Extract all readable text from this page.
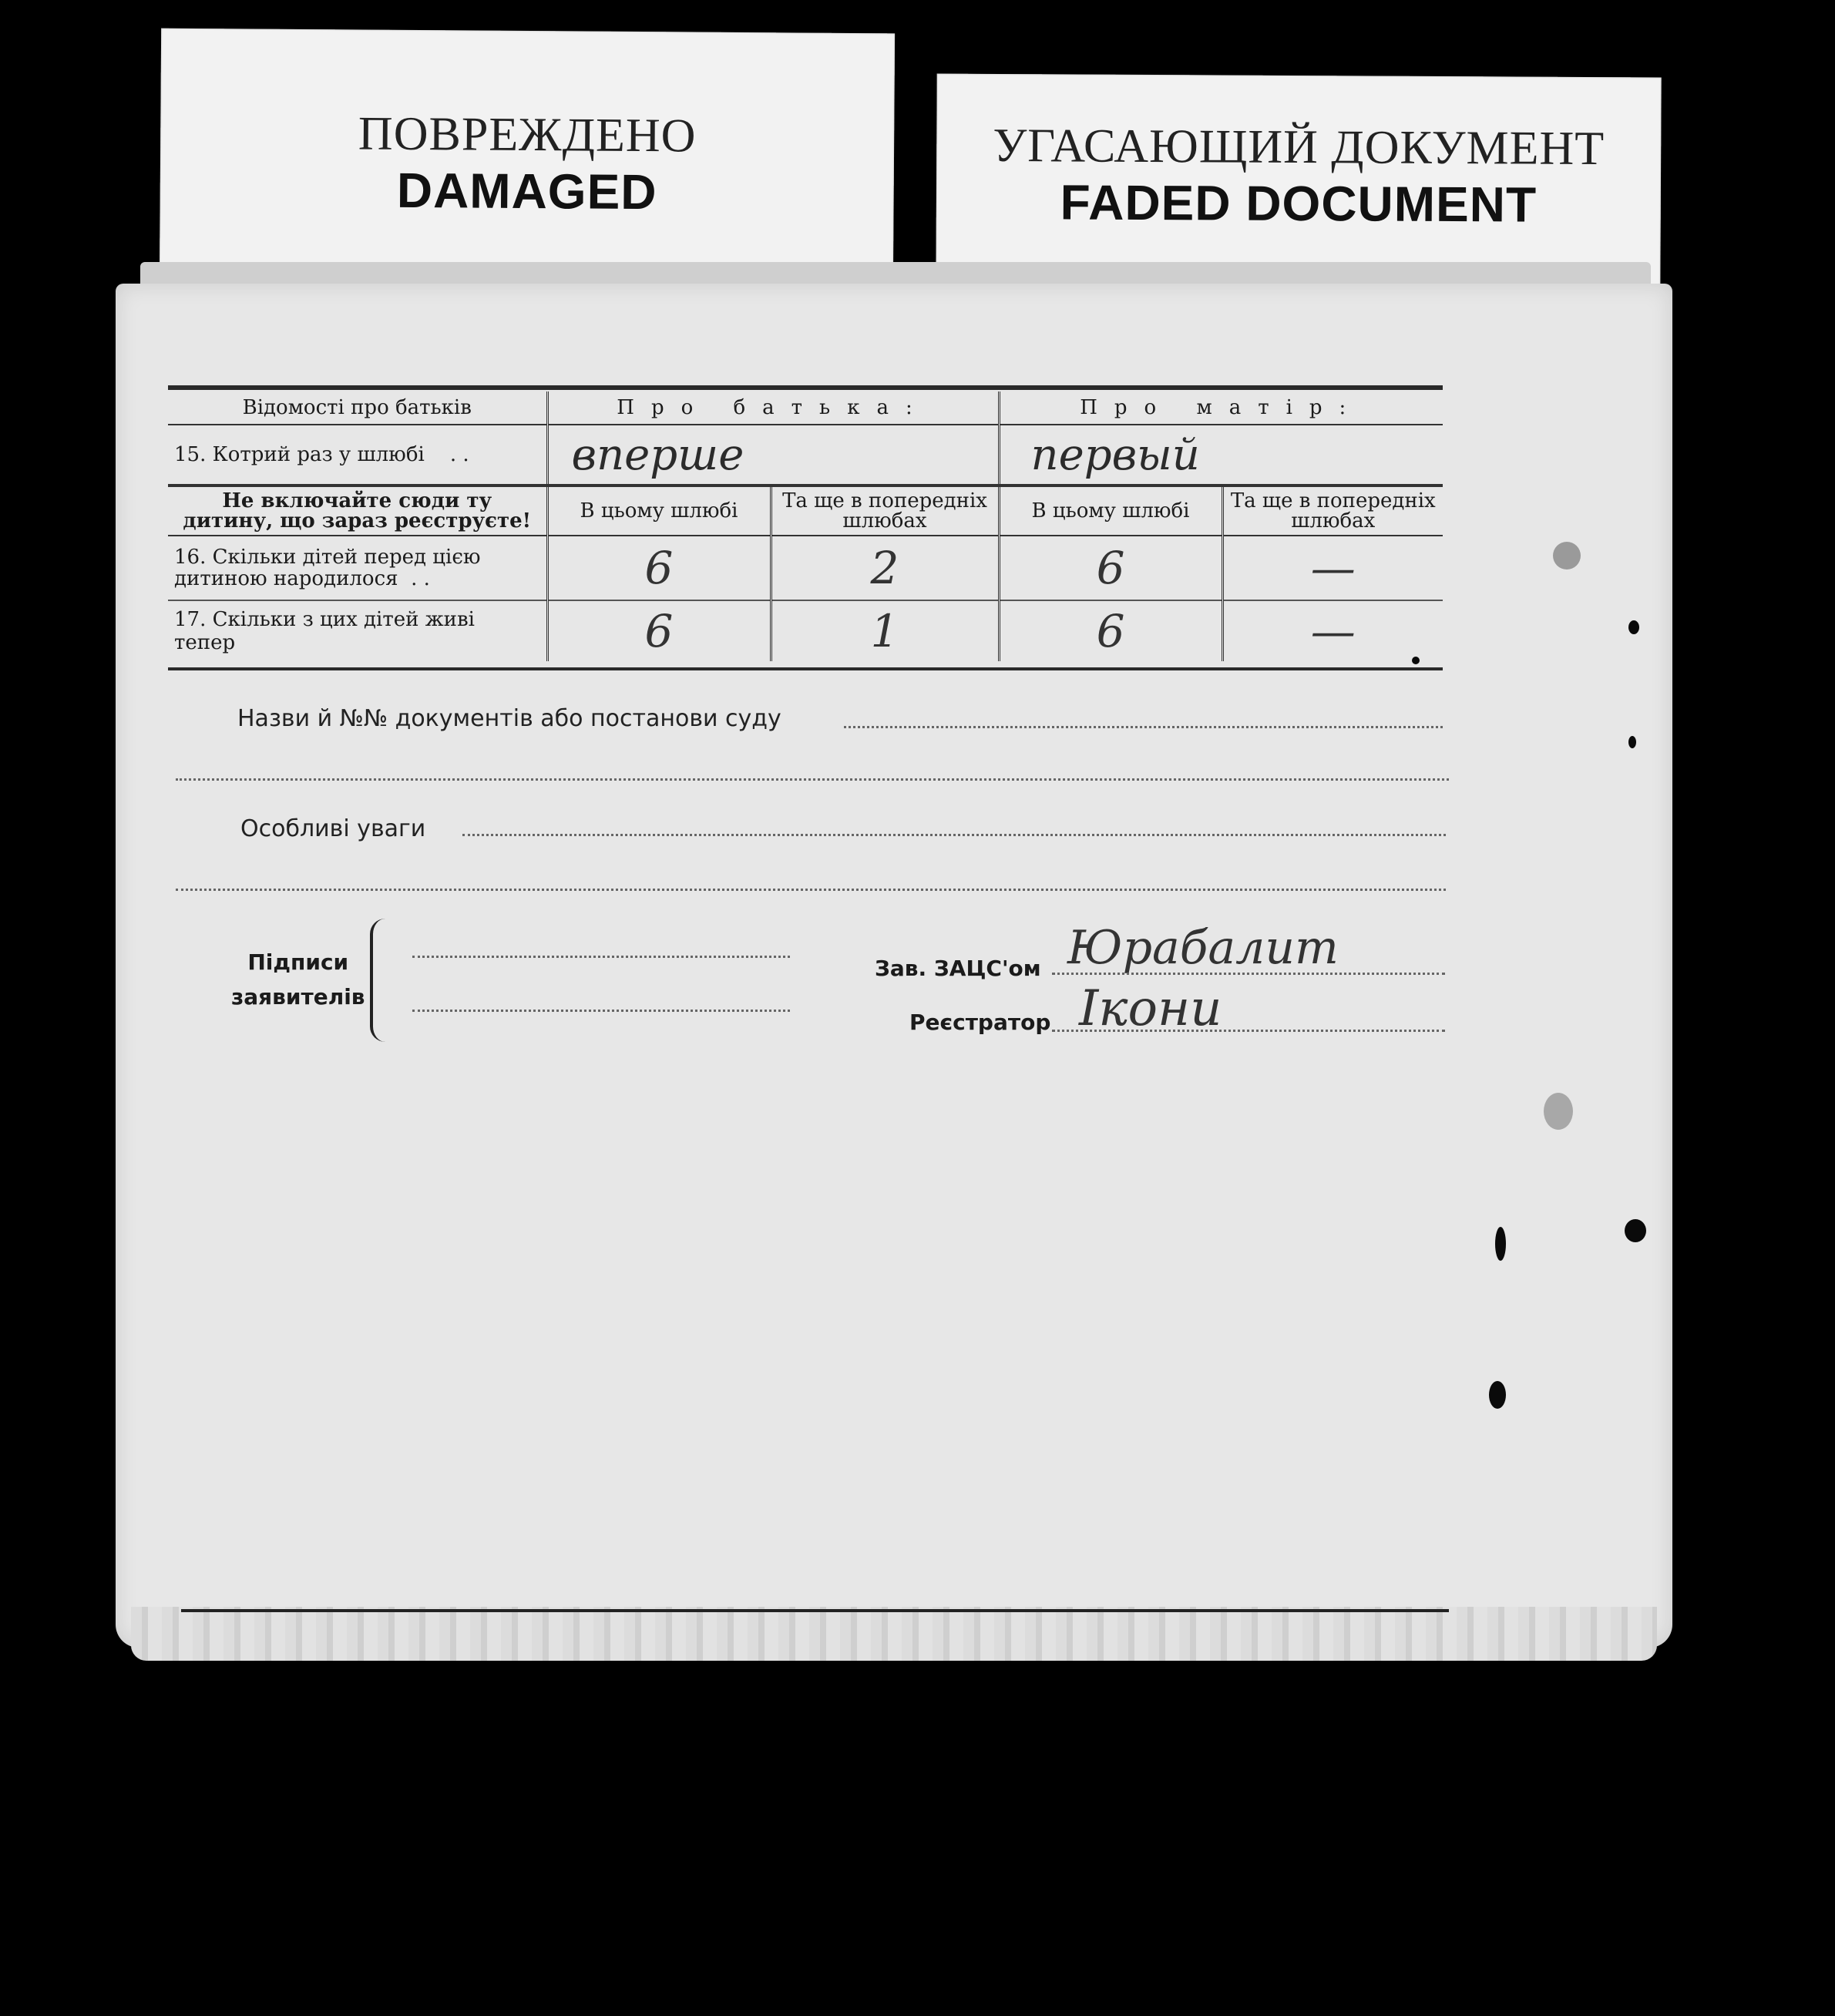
ПОВРЕЖДЕНО
DAMAGED
УГАСАЮЩИЙ ДОКУМЕНТ
FADED DOCUMENT
Відомості про батьків	Про батька:		Про матір:	
15. Котрий раз у шлюбі . .	вперше		первый	
Не включайте сюди ту дитину, що зараз реєструєте!	В цьому шлюбі	Та ще в попередніх шлюбах	В цьому шлюбі	Та ще в попередніх шлюбах
16. Скільки дітей перед цією дитиною народилося . .	6	2	6	—
17. Скільки з цих дітей живі тепер	6	1	6	—
Назви й №№ документів або постанови суду
Особливі уваги
Підписи
заявителів
Зав. ЗАЦС'ом Юрабалит
Реєстратор Ікони
